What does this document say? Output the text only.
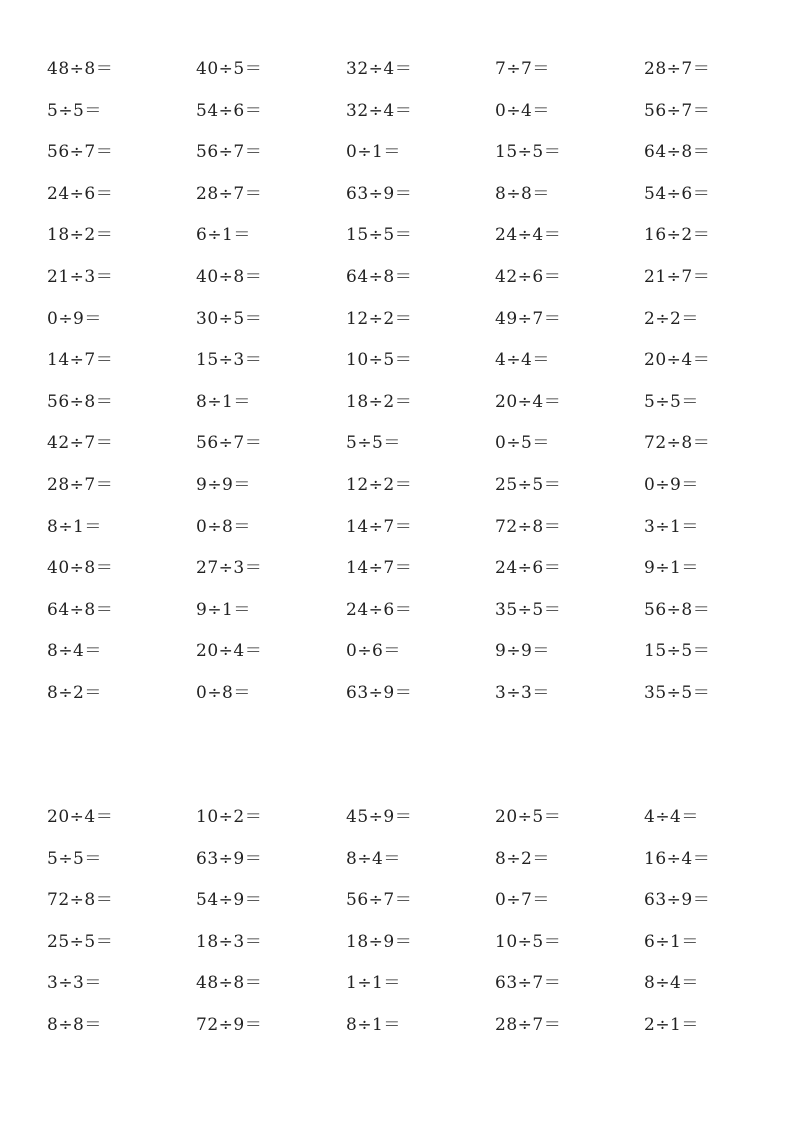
48÷8＝	40÷5＝	32÷4＝	7÷7＝	28÷7＝
5÷5＝	54÷6＝	32÷4＝	0÷4＝	56÷7＝
56÷7＝	56÷7＝	0÷1＝	15÷5＝	64÷8＝
24÷6＝	28÷7＝	63÷9＝	8÷8＝	54÷6＝
18÷2＝	6÷1＝	15÷5＝	24÷4＝	16÷2＝
21÷3＝	40÷8＝	64÷8＝	42÷6＝	21÷7＝
0÷9＝	30÷5＝	12÷2＝	49÷7＝	2÷2＝
14÷7＝	15÷3＝	10÷5＝	4÷4＝	20÷4＝
56÷8＝	8÷1＝	18÷2＝	20÷4＝	5÷5＝
42÷7＝	56÷7＝	5÷5＝	0÷5＝	72÷8＝
28÷7＝	9÷9＝	12÷2＝	25÷5＝	0÷9＝
8÷1＝	0÷8＝	14÷7＝	72÷8＝	3÷1＝
40÷8＝	27÷3＝	14÷7＝	24÷6＝	9÷1＝
64÷8＝	9÷1＝	24÷6＝	35÷5＝	56÷8＝
8÷4＝	20÷4＝	0÷6＝	9÷9＝	15÷5＝
8÷2＝	0÷8＝	63÷9＝	3÷3＝	35÷5＝
20÷4＝	10÷2＝	45÷9＝	20÷5＝	4÷4＝
5÷5＝	63÷9＝	8÷4＝	8÷2＝	16÷4＝
72÷8＝	54÷9＝	56÷7＝	0÷7＝	63÷9＝
25÷5＝	18÷3＝	18÷9＝	10÷5＝	6÷1＝
3÷3＝	48÷8＝	1÷1＝	63÷7＝	8÷4＝
8÷8＝	72÷9＝	8÷1＝	28÷7＝	2÷1＝
